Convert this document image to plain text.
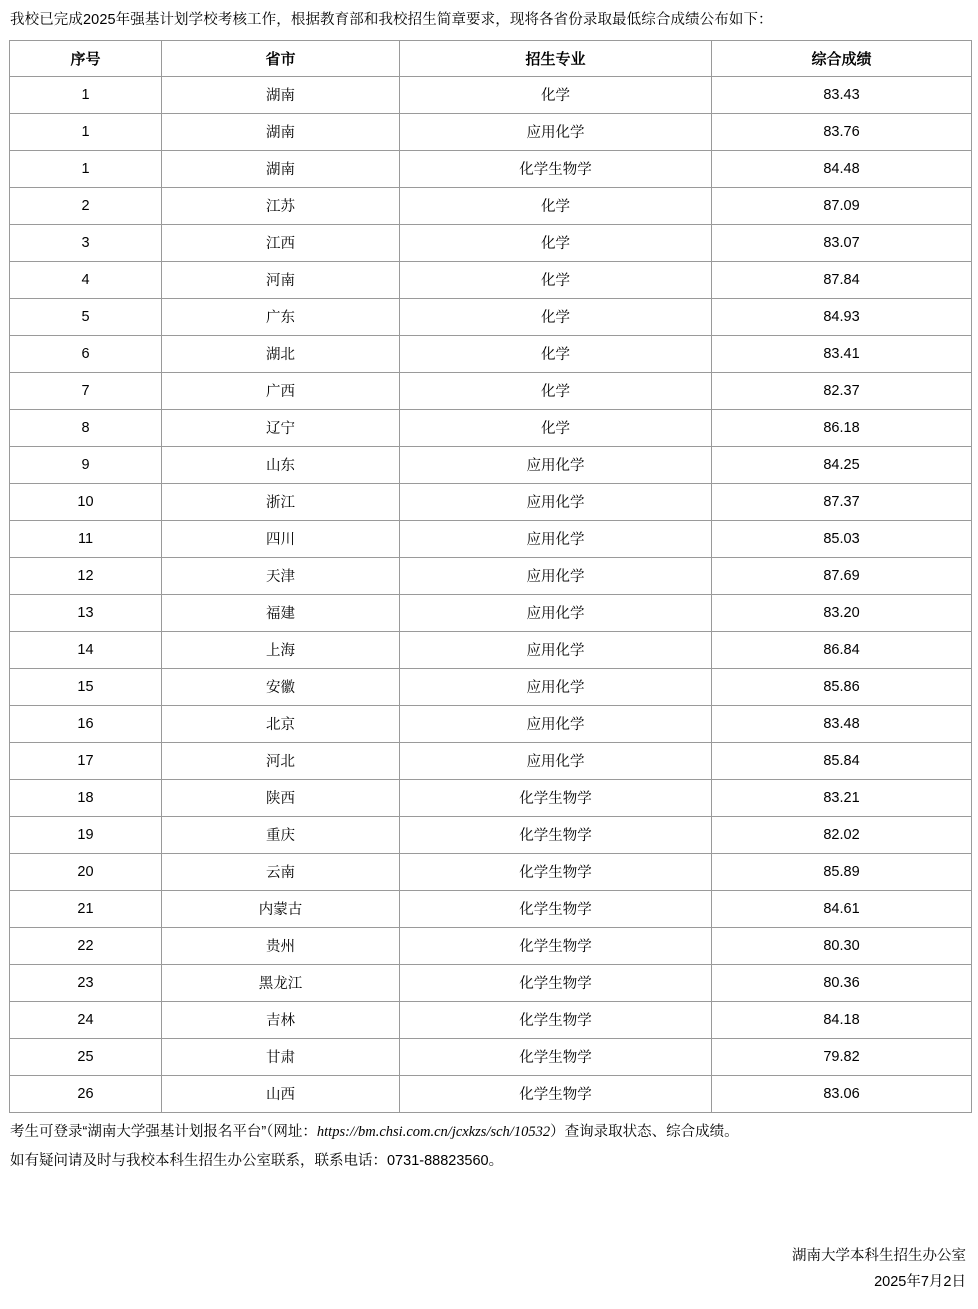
我校已完成2025年强基计划学校考核工作，根据教育部和我校招生简章要求，现将各省份录取最低综合成绩公布如下：
序号	省市	招生专业	综合成绩
1	湖南	化学	83.43
1	湖南	应用化学	83.76
1	湖南	化学生物学	84.48
2	江苏	化学	87.09
3	江西	化学	83.07
4	河南	化学	87.84
5	广东	化学	84.93
6	湖北	化学	83.41
7	广西	化学	82.37
8	辽宁	化学	86.18
9	山东	应用化学	84.25
10	浙江	应用化学	87.37
11	四川	应用化学	85.03
12	天津	应用化学	87.69
13	福建	应用化学	83.20
14	上海	应用化学	86.84
15	安徽	应用化学	85.86
16	北京	应用化学	83.48
17	河北	应用化学	85.84
18	陕西	化学生物学	83.21
19	重庆	化学生物学	82.02
20	云南	化学生物学	85.89
21	内蒙古	化学生物学	84.61
22	贵州	化学生物学	80.30
23	黑龙江	化学生物学	80.36
24	吉林	化学生物学	84.18
25	甘肃	化学生物学	79.82
26	山西	化学生物学	83.06

考生可登录“湖南大学强基计划报名平台”（网址：https://bm.chsi.com.cn/jcxkzs/sch/10532）查询录取状态、综合成绩。

如有疑问请及时与我校本科生招生办公室联系，联系电话：0731-88823560。

湖南大学本科生招生办公室
2025年7月2日
